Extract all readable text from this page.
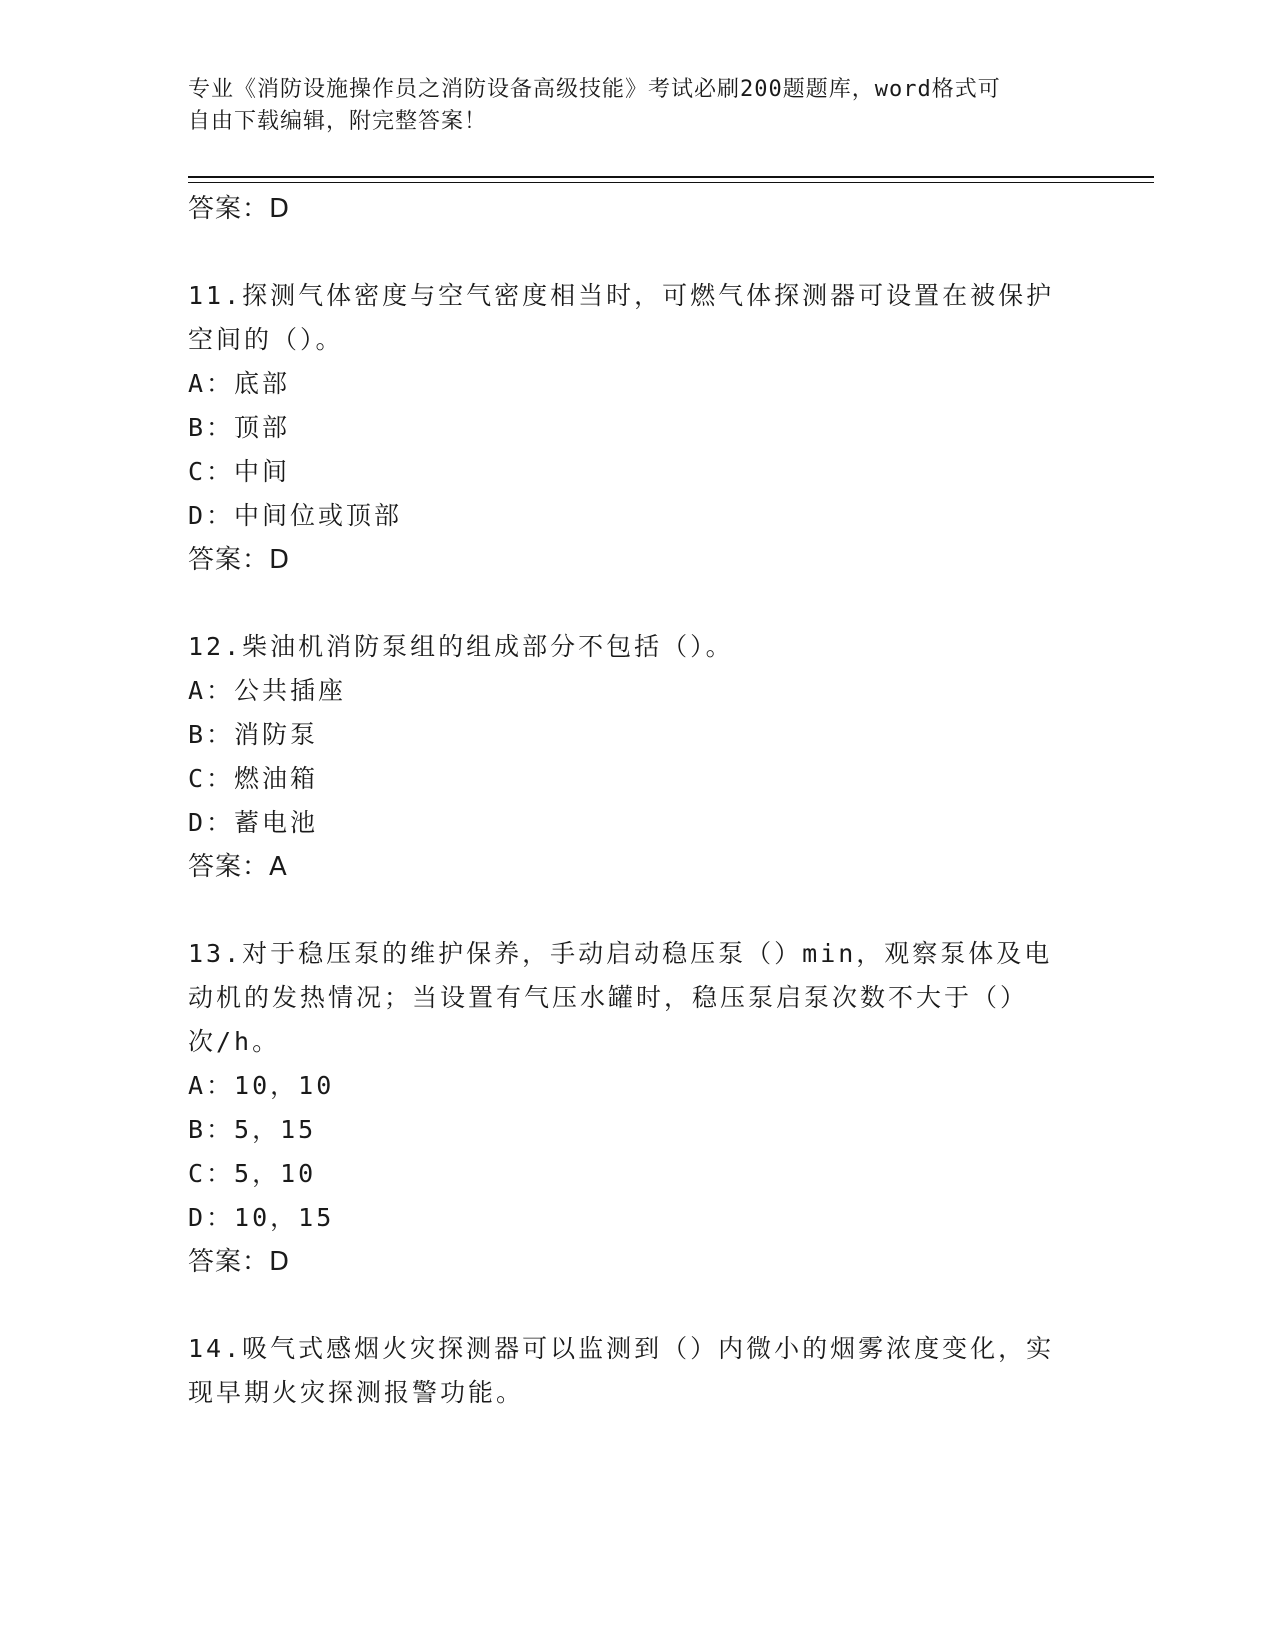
专业《消防设施操作员之消防设备高级技能》考试必刷200题题库，word格式可
自由下载编辑，附完整答案！
答案：D
11.探测气体密度与空气密度相当时，可燃气体探测器可设置在被保护
空间的（）。
A：底部
B：顶部
C：中间
D：中间位或顶部
答案：D
12.柴油机消防泵组的组成部分不包括（）。
A：公共插座
B：消防泵
C：燃油箱
D：蓄电池
答案：A
13.对于稳压泵的维护保养，手动启动稳压泵（）min，观察泵体及电
动机的发热情况；当设置有气压水罐时，稳压泵启泵次数不大于（）
次/h。
A：10，10
B：5，15
C：5，10
D：10，15
答案：D
14.吸气式感烟火灾探测器可以监测到（）内微小的烟雾浓度变化，实
现早期火灾探测报警功能。
